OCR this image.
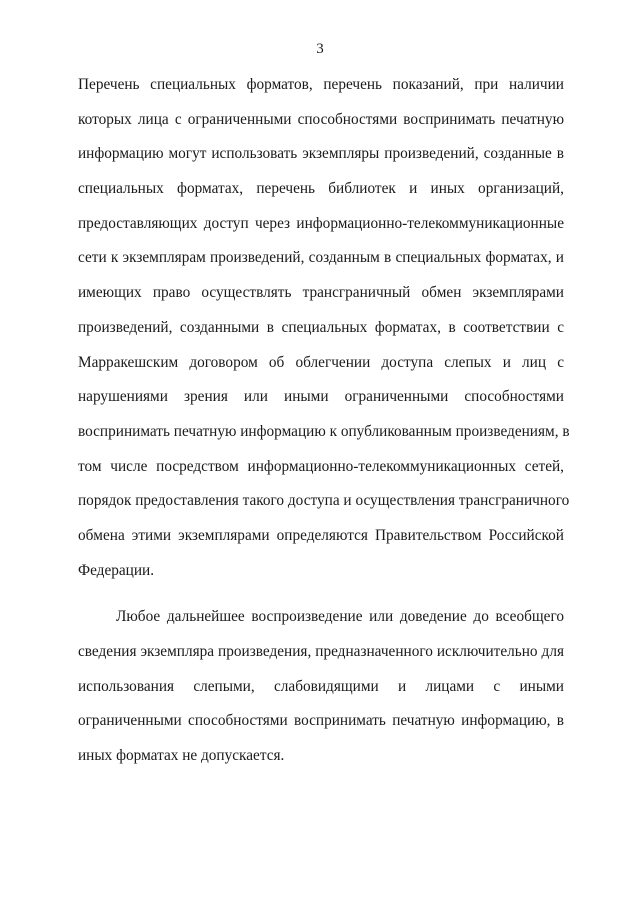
3
Перечень специальных форматов, перечень показаний, при наличии
которых лица с ограниченными способностями воспринимать печатную
информацию могут использовать экземпляры произведений, созданные в
специальных форматах, перечень библиотек и иных организаций,
предоставляющих доступ через информационно-телекоммуникационные
сети к экземплярам произведений, созданным в специальных форматах, и
имеющих право осуществлять трансграничный обмен экземплярами
произведений, созданными в специальных форматах, в соответствии с
Марракешским договором об облегчении доступа слепых и лиц с
нарушениями зрения или иными ограниченными способностями
воспринимать печатную информацию к опубликованным произведениям, в
том числе посредством информационно-телекоммуникационных сетей,
порядок предоставления такого доступа и осуществления трансграничного
обмена этими экземплярами определяются Правительством Российской
Федерации.
Любое дальнейшее воспроизведение или доведение до всеобщего
сведения экземпляра произведения, предназначенного исключительно для
использования слепыми, слабовидящими и лицами с иными
ограниченными способностями воспринимать печатную информацию, в
иных форматах не допускается.
